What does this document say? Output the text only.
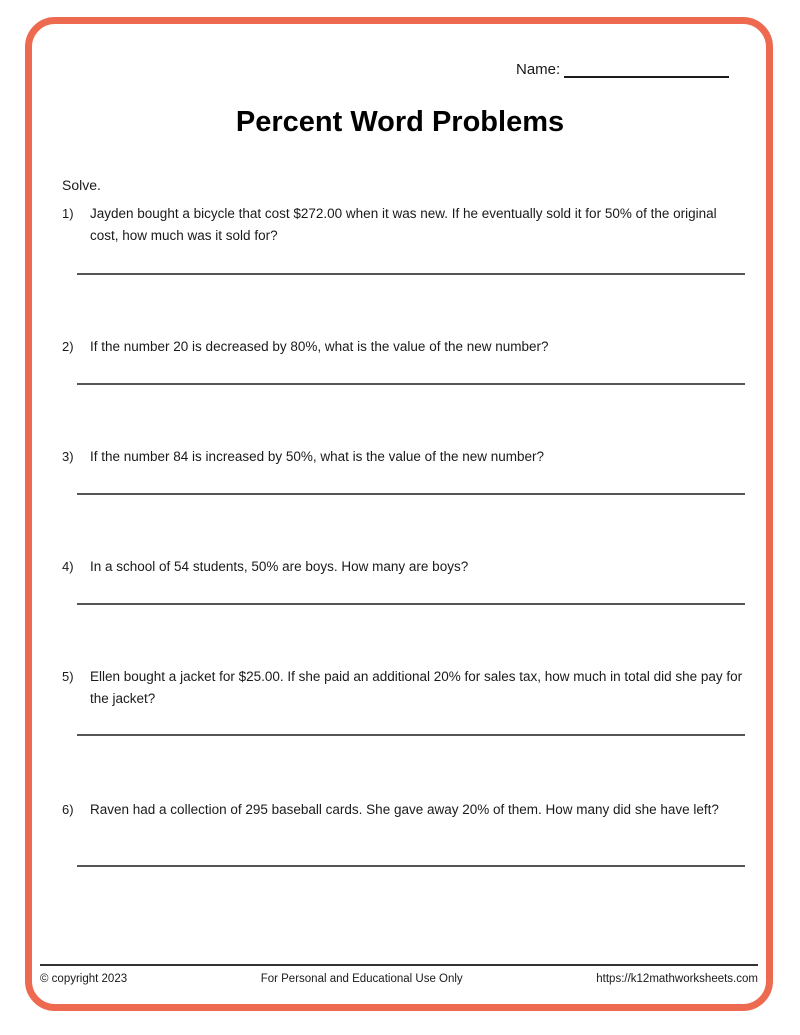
Name:
Percent Word Problems
Solve.
1) Jayden bought a bicycle that cost $272.00 when it was new. If he eventually sold it for 50% of the original cost, how much was it sold for?
2) If the number 20 is decreased by 80%, what is the value of the new number?
3) If the number 84 is increased by 50%, what is the value of the new number?
4) In a school of 54 students, 50% are boys. How many are boys?
5) Ellen bought a jacket for $25.00. If she paid an additional 20% for sales tax, how much in total did she pay for the jacket?
6) Raven had a collection of 295 baseball cards. She gave away 20% of them. How many did she have left?
© copyright 2023	For Personal and Educational Use Only	https://k12mathworksheets.com
